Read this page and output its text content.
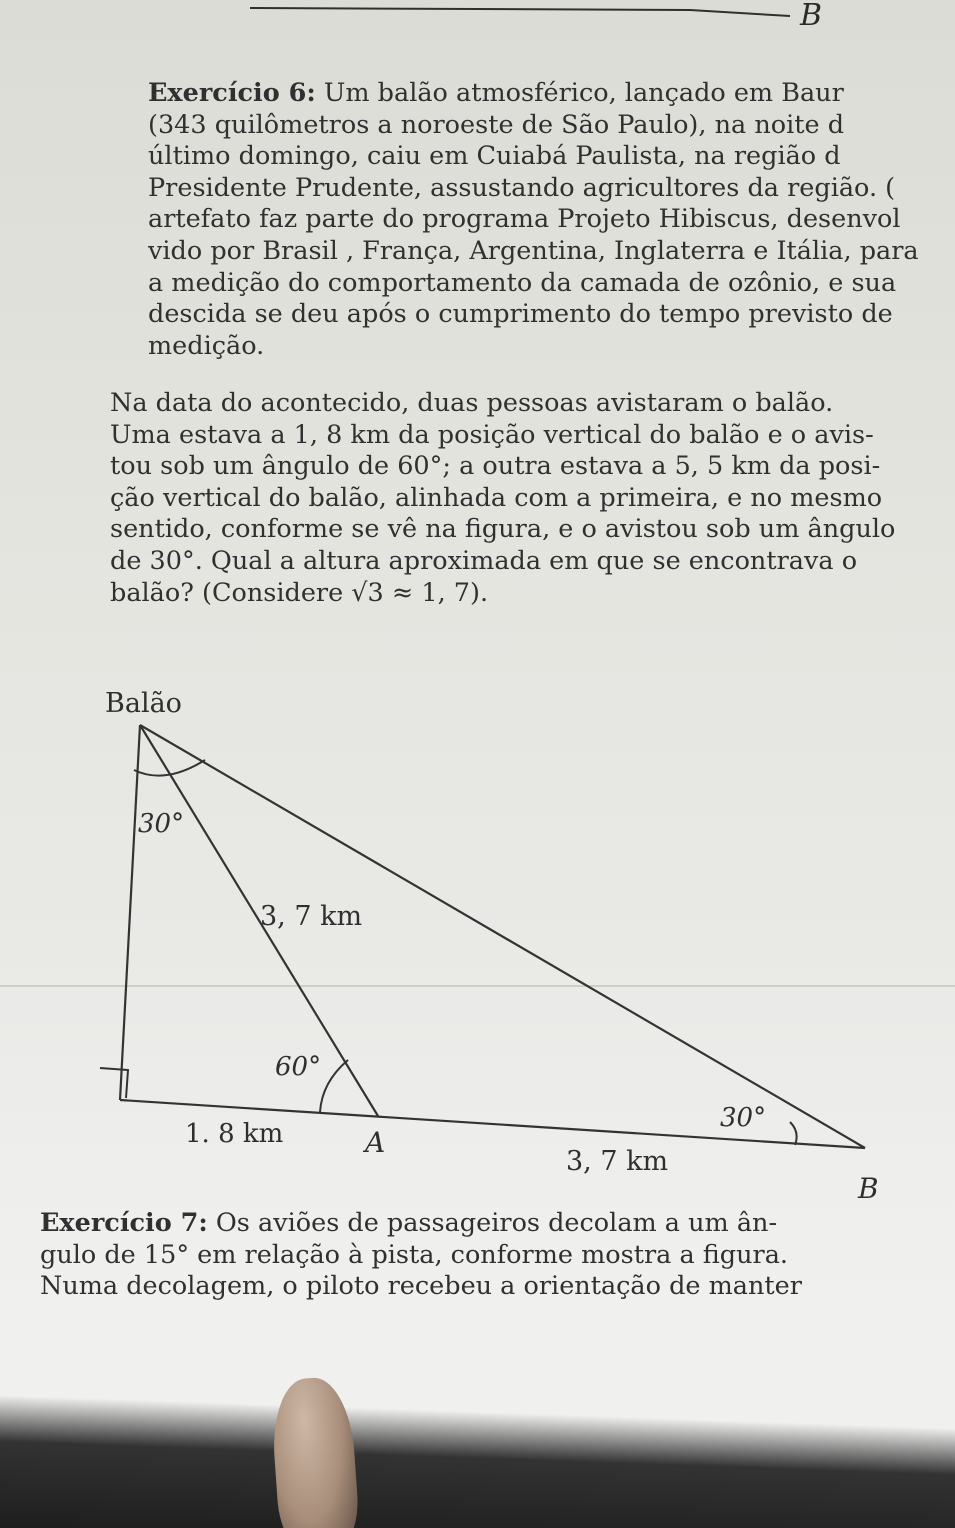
B

Exercício 6: Um balão atmosférico, lançado em Baur

(343 quilômetros a noroeste de São Paulo), na noite d

último domingo, caiu em Cuiabá Paulista, na região d

Presidente Prudente, assustando agricultores da região. (

artefato faz parte do programa Projeto Hibiscus, desenvol

vido por Brasil , França, Argentina, Inglaterra e Itália, para

a medição do comportamento da camada de ozônio, e sua

descida se deu após o cumprimento do tempo previsto de

medição.

Na data do acontecido, duas pessoas avistaram o balão.

Uma estava a 1, 8 km da posição vertical do balão e o avis-

tou sob um ângulo de 60°; a outra estava a 5, 5 km da posi-

ção vertical do balão, alinhada com a primeira, e no mesmo

sentido, conforme se vê na figura, e o avistou sob um ângulo

de 30°. Qual a altura aproximada em que se encontrava o

balão? (Considere √3 ≈ 1, 7).

Balão
30°
3, 7 km
60°
30°
1. 8 km	A
3, 7 km
B

Exercício 7: Os aviões de passageiros decolam a um ân-

gulo de 15° em relação à pista, conforme mostra a figura.

Numa decolagem, o piloto recebeu a orientação de manter
